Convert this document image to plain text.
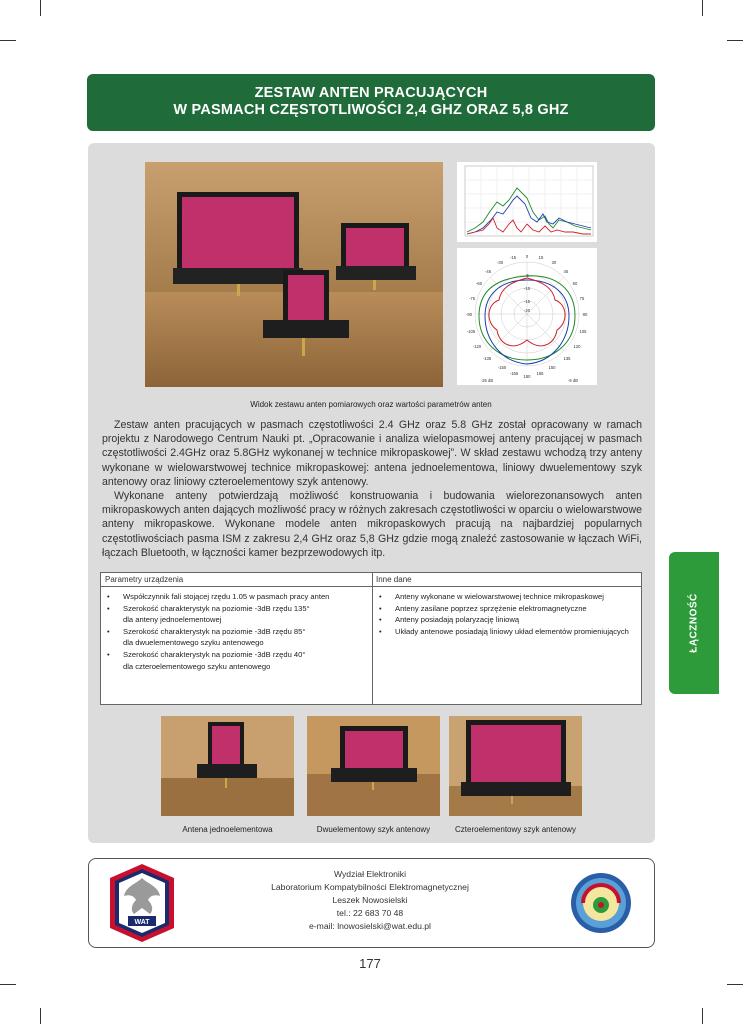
ZESTAW ANTEN PRACUJĄCYCH
W PASMACH CZĘSTOTLIWOŚCI 2,4 GHZ ORAZ 5,8 GHZ
0
180
-15	15
-30	30
-45	45
-60	60
-75	75
-90	90
-105	105
-120	120
-135	135
-150	150
-165	165
-5
-10
-15
-20
-25 dB	-5 dB
Widok zestawu anten pomiarowych oraz wartości parametrów anten

Zestaw anten pracujących w pasmach częstotliwości 2.4 GHz oraz 5.8 GHz został opracowany w ramach projektu z Narodowego Centrum Nauki pt. „Opracowanie i analiza wielopasmowej anteny pracującej w pasmach częstotliwości 2.4GHz oraz 5.8GHz wykonanej w technice mikropaskowej”. W skład zestawu wchodzą trzy anteny wykonane w wielowarstwowej technice mikropaskowej: antena jednoelementowa, liniowy dwuelementowy szyk antenowy oraz liniowy czteroelementowy szyk antenowy.

Wykonane anteny potwierdzają możliwość konstruowania i budowania wielorezonansowych anten mikropaskowych anten dających możliwość pracy w różnych zakresach częstotliwości w oparciu o wielowarstwowe anteny mikropaskowe. Wykonane modele anten mikropaskowych pracują na najbardziej popularnych częstotliwościach pasma ISM z zakresu 2,4 GHz oraz 5,8 GHz gdzie mogą znaleźć zastosowanie w łączach WiFi, łączach Bluetooth, w łączności kamer bezprzewodowych itp.

Parametry urządzenia	Inne dane
• Współczynnik fali stojącej rzędu 1.05 w pasmach pracy anten
• Szerokość charakterystyk na poziomie -3dB rzędu 135°
dla anteny jednoelementowej
• Szerokość charakterystyk na poziomie -3dB rzędu 85°
dla dwuelementowego szyku antenowego
• Szerokość charakterystyk na poziomie -3dB rzędu 40°
dla czteroelementowego szyku antenowego
• Anteny wykonane w wielowarstwowej technice mikropaskowej
• Anteny zasilane poprzez sprzężenie elektromagnetyczne
• Anteny posiadają polaryzację liniową
• Układy antenowe posiadają liniowy układ elementów promieniujących	ŁĄCZNOŚĆ
Antena jednoelementowa	Dwuelementowy szyk antenowy	Czteroelementowy szyk antenowy
WAT
Wydział Elektroniki
Laboratorium Kompatybilności Elektromagnetycznej
Leszek Nowosielski
tel.: 22 683 70 48
e-mail: lnowosielski@wat.edu.pl
177
